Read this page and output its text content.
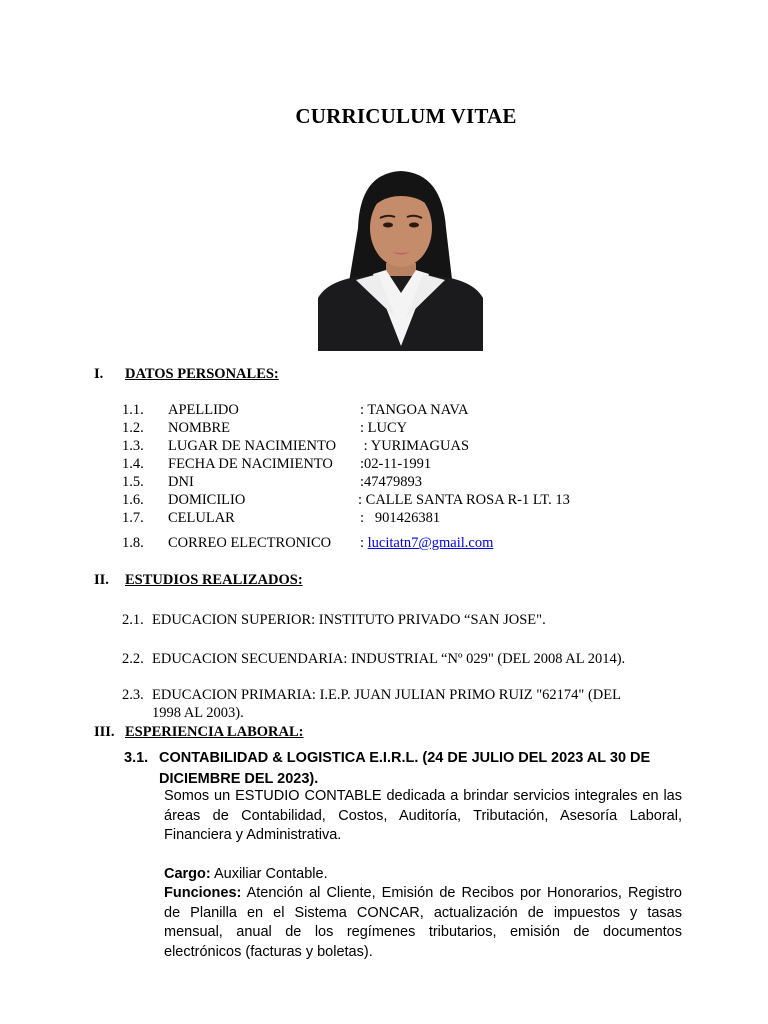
CURRICULUM VITAE
I. DATOS PERSONALES:
1.1. APELLIDO	: TANGOA NAVA
1.2. NOMBRE	: LUCY
1.3. LUGAR DE NACIMIENTO : YURIMAGUAS
1.4. FECHA DE NACIMIENTO :02-11-1991
1.5. DNI	:47479893
1.6. DOMICILIO	: CALLE SANTA ROSA R-1 LT. 13
1.7. CELULAR	:   901426381
1.8. CORREO ELECTRONICO : lucitatn7@gmail.com
II. ESTUDIOS REALIZADOS:
2.1. EDUCACION SUPERIOR: INSTITUTO PRIVADO “SAN JOSE".
2.2. EDUCACION SECUENDARIA: INDUSTRIAL “Nº 029" (DEL 2008 AL 2014).
2.3. EDUCACION PRIMARIA: I.E.P. JUAN JULIAN PRIMO RUIZ "62174" (DEL
1998 AL 2003).
III. ESPERIENCIA LABORAL:
3.1. CONTABILIDAD & LOGISTICA E.I.R.L. (24 DE JULIO DEL 2023 AL 30 DE DICIEMBRE DEL 2023).
Somos un ESTUDIO CONTABLE dedicada a brindar servicios integrales en las áreas de Contabilidad, Costos, Auditoría, Tributación, Asesoría Laboral, Financiera y Administrativa.
Cargo: Auxiliar Contable.
Funciones: Atención al Cliente, Emisión de Recibos por Honorarios, Registro de Planilla en el Sistema CONCAR, actualización de impuestos y tasas mensual, anual de los regímenes tributarios, emisión de documentos electrónicos (facturas y boletas).
